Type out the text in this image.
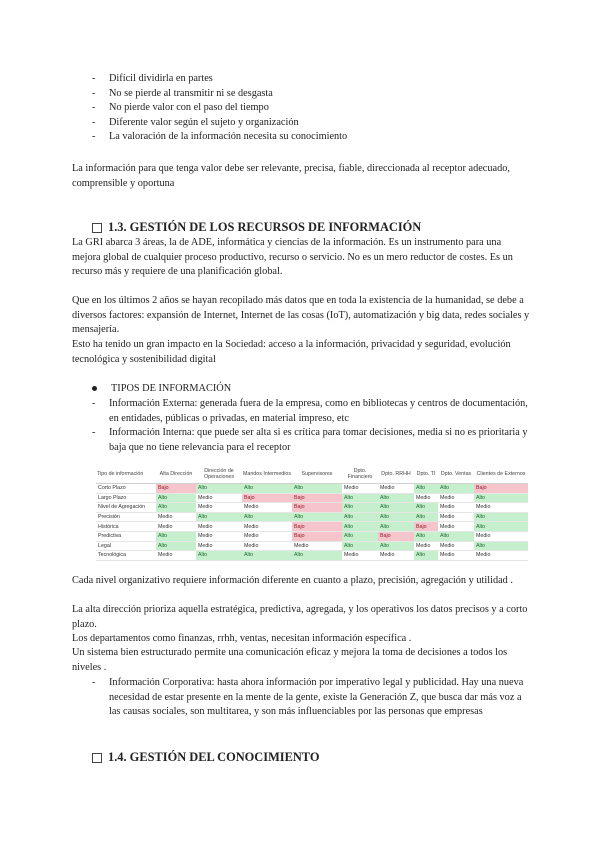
- Difícil dividirla en partes
- No se pierde al transmitir ni se desgasta
- No pierde valor con el paso del tiempo
- Diferente valor según el sujeto y organización
- La valoración de la información necesita su conocimiento

La información para que tenga valor debe ser relevante, precisa, fiable, direccionada al receptor adecuado, comprensible y oportuna

1.3. GESTIÓN DE LOS RECURSOS DE INFORMACIÓN

La GRI abarca 3 áreas, la de ADE, informática y ciencias de la información. Es un instrumento para una mejora global de cualquier proceso productivo, recurso o servicio. No es un mero reductor de costes. Es un recurso más y requiere de una planificación global.

Que en los últimos 2 años se hayan recopilado más datos que en toda la existencia de la humanidad, se debe a diversos factores: expansión de Internet, Internet de las cosas (IoT), automatización y big data, redes sociales y mensajería.

Esto ha tenido un gran impacto en la Sociedad: acceso a la información, privacidad y seguridad, evolución tecnológica y sostenibilidad digital

TIPOS DE INFORMACIÓN
- Información Externa: generada fuera de la empresa, como en bibliotecas y centros de documentación, en entidades, públicas o privadas, en material impreso, etc
- Información Interna: que puede ser alta si es crítica para tomar decisiones, media si no es prioritaria y baja que no tiene relevancia para el receptor
Tipo de información	Alta Dirección	Dirección de Operaciones	Mandos Intermedios	Supervisores	Dpto. Financiero	Dpto. RRHH	Dpto. TI	Dpto. Ventas	Clientes de Externos
Corto Plazo	Bajo	Alto	Alto	Alto	Medio	Medio	Alto	Alto	Bajo
Largo Plazo	Alto	Medio	Bajo	Bajo	Alto	Alto	Medio	Medio	Alto
Nivel de Agregación	Alto	Medio	Medio	Bajo	Alto	Alto	Alto	Medio	Medio
Precisión	Medio	Alto	Alto	Alto	Alto	Alto	Alto	Medio	Alto
Histórica	Medio	Medio	Medio	Bajo	Alto	Alto	Bajo	Medio	Alto
Predictiva	Alto	Medio	Medio	Bajo	Alto	Bajo	Alto	Alto	Medio
Legal	Alto	Medio	Medio	Medio	Alto	Alto	Medio	Medio	Alto
Tecnológica	Medio	Alto	Alto	Alto	Medio	Medio	Alto	Medio	Medio

Cada nivel organizativo requiere información diferente en cuanto a plazo, precisión, agregación y utilidad .

La alta dirección prioriza aquella estratégica, predictiva, agregada, y los operativos los datos precisos y a corto plazo.

Los departamentos como finanzas, rrhh, ventas, necesitan información específica .

Un sistema bien estructurado permite una comunicación eficaz y mejora la toma de decisiones a todos los niveles .

- Información Corporativa: hasta ahora información por imperativo legal y publicidad. Hay una nueva necesidad de estar presente en la mente de la gente, existe la Generación Z, que busca dar más voz a las causas sociales, son multitarea, y son más influenciables por las personas que empresas
1.4. GESTIÓN DEL CONOCIMIENTO
